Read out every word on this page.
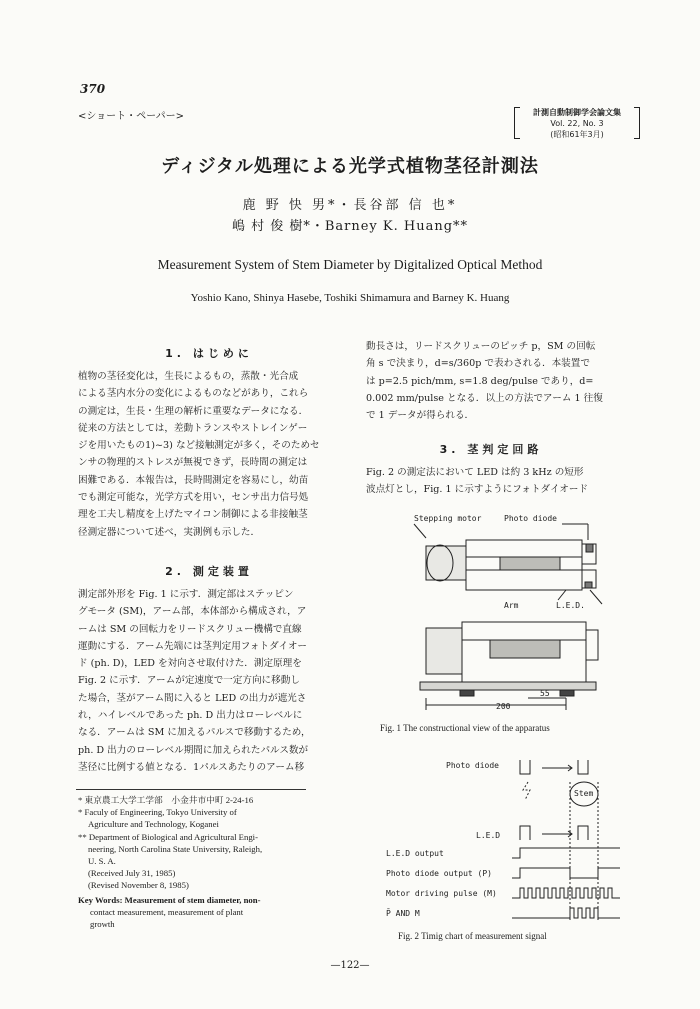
370
<ショート・ペーパー>	計測自動制御学会論文集
Vol. 22, No. 3
(昭和61年3月)
ディジタル処理による光学式植物茎径計測法
鹿 野 快 男*・長谷部 信 也*
嶋 村 俊 樹*・Barney K. Huang**
Measurement System of Stem Diameter by Digitalized Optical Method
Yoshio Kano, Shinya Hasebe, Toshiki Shimamura and Barney K. Huang
1. はじめに
植物の茎径変化は，生長によるもの，蒸散・光合成
による茎内水分の変化によるものなどがあり，これら
の測定は，生長・生理の解析に重要なデータになる．
従来の方法としては，差動トランスやストレインゲー
ジを用いたもの1)~3) など接触測定が多く，そのためセ
ンサの物理的ストレスが無視できず，長時間の測定は
困難である．本報告は，長時間測定を容易にし，幼苗
でも測定可能な，光学方式を用い，センサ出力信号処
理を工夫し精度を上げたマイコン制御による非接触茎
径測定器について述べ，実測例も示した．
2. 測定装置
測定部外形を Fig. 1 に示す．測定部はステッピン
グモータ (SM)，アーム部，本体部から構成され，ア
ームは SM の回転力をリードスクリュー機構で直線
運動にする．アーム先端には茎判定用フォトダイオー
ド (ph. D)，LED を対向させ取付けた．測定原理を
Fig. 2 に示す．アームが定速度で一定方向に移動し
た場合，茎がアーム間に入ると LED の出力が遮光さ
れ，ハイレベルであった ph. D 出力はローレベルに
なる．アームは SM に加えるパルスで移動するため，
ph. D 出力のローレベル期間に加えられたパルス数が
茎径に比例する値となる．1パルスあたりのアーム移
* 東京農工大学工学部　小金井市中町 2-24-16
* Faculy of Engineering, Tokyo University of
Agriculture and Technology, Koganei
** Department of Biological and Agricultural Engi-
neering, North Carolina State University, Raleigh,
U. S. A.
(Received July 31, 1985)
(Revised November 8, 1985)
Key Words: Measurement of stem diameter, non-
contact measurement, measurement of plant
growth
動長さは，リードスクリューのピッチ p，SM の回転
角 s で決まり，d=s/360p で表わされる．本装置で
は p=2.5 pich/mm, s=1.8 deg/pulse であり，d=
0.002 mm/pulse となる．以上の方法でアーム 1 往復
で 1 データが得られる．
3. 茎判定回路
Fig. 2 の測定法において LED は約 3 kHz の短形
波点灯とし，Fig. 1 に示すようにフォトダイオード
Stepping motor	Photo diode
Arm	L.E.D.
200
55
Fig. 1 The constructional view of the apparatus
Photo diode
Stem
L.E.D
L.E.D output
Photo diode output (P)
Motor driving pulse (M)
P̄ AND M
Fig. 2 Timig chart of measurement signal
—122—
